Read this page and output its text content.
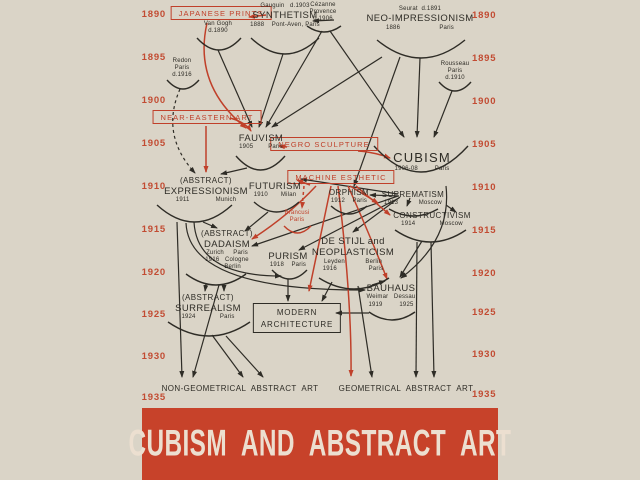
JAPANESE PRINTS
NEAR-EASTERN ART
NEGRO SCULPTURE
MACHINE ESTHETIC
MODERN
ARCHITECTURE
Gauguin   d.1903
SYNTHETISM
1888    Pont-Aven, Paris
Cézanne
Provence
d.1906
Van Gogh
d.1890
Seurat  d.1891
NEO-IMPRESSIONISM
1886                     Paris
Redon
Paris
d.1916
Rousseau
Paris
d.1910
FAUVISM
1905        Paris
CUBISM
1906-08         Paris
(ABSTRACT)
EXPRESSIONISM
1911              Munich
FUTURISM
1910       Milan	ORPHISM
1912    Paris
Brancusi
Paris
SUPREMATISM
1913           Moscow
CONSTRUCTIVISM
1914             Moscow
(ABSTRACT)
DADAISM
Zurich     Paris
1916   Cologne
Berlin
PURISM
1918    Paris
DE STIJL and
NEOPLASTICISM
Leyden           Berlin
1916                 Paris
BAUHAUS
Weimar   Dessau
1919         1925
(ABSTRACT)
SURREALISM
1924             Paris
NON-GEOMETRICAL  ABSTRACT  ART	GEOMETRICAL  ABSTRACT  ART
CUBISM AND ABSTRACT ART
1890	1890
1895	1895
1900	1900
1905	1905
1910	1910
1915	1915
1920	1920
1925	1925
1930	1930
1935	1935
